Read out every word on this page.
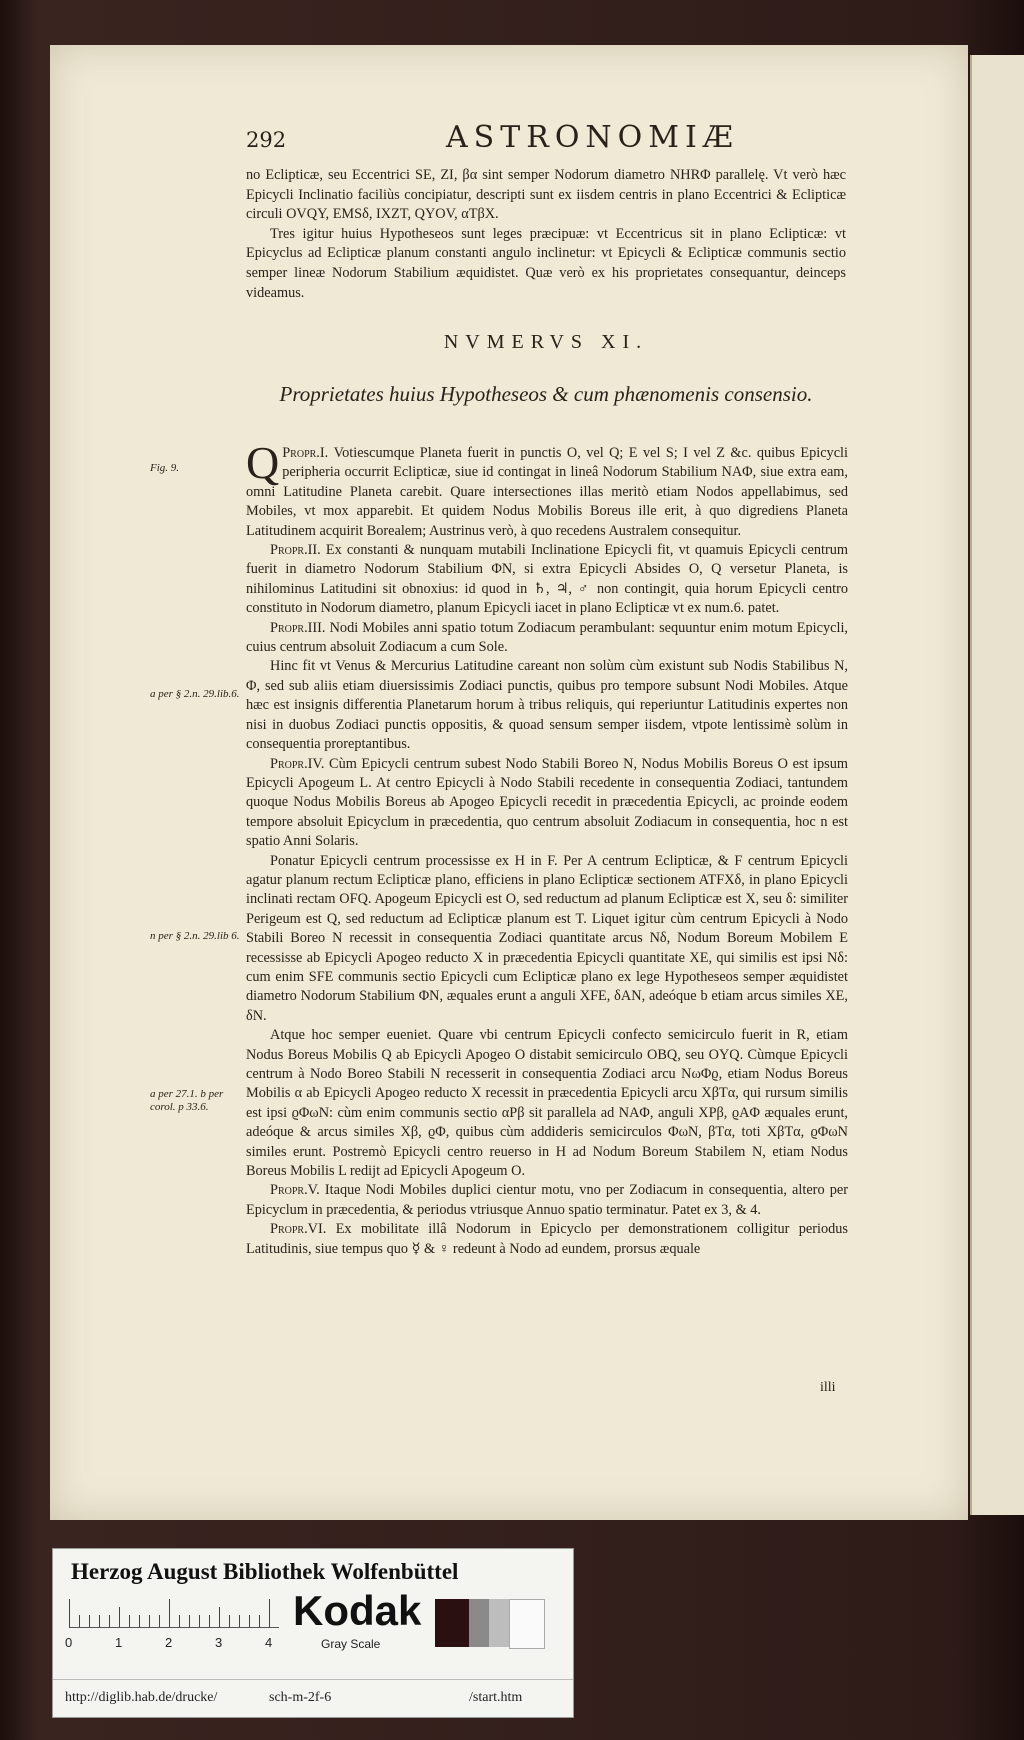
292	ASTRONOMIÆ

no Eclipticæ, seu Eccentrici SE, ZI, βα sint semper Nodorum diametro NHRΦ parallelę. Vt verò hæc Epicycli Inclinatio faciliùs concipiatur, descripti sunt ex iisdem centris in plano Eccentrici & Eclipticæ circuli OVQY, EMSδ, IXZT, QYOV, αTβX.

Tres igitur huius Hypotheseos sunt leges præcipuæ: vt Eccentricus sit in plano Eclipticæ: vt Epicyclus ad Eclipticæ planum constanti angulo inclinetur: vt Epicycli & Eclipticæ communis sectio semper lineæ Nodorum Stabilium æquidistet. Quæ verò ex his proprietates consequantur, deinceps videamus.

NVMERVS XI.
Proprietates huius Hypotheseos & cum phænomenis consensio.

Propr.I.
Q	Votiescumque Planeta fuerit in punctis O, vel Q; E vel S; I vel Z &c. quibus Epicycli peripheria occurrit Eclipticæ, siue id contingat in lineâ Nodorum Stabilium NAΦ, siue extra eam, omni Latitudine Planeta carebit. Quare intersectiones illas meritò etiam Nodos appellabimus, sed Mobiles, vt mox apparebit. Et quidem Nodus Mobilis Boreus ille erit, à quo digrediens Planeta Latitudinem acquirit Borealem; Austrinus verò, à quo recedens Australem consequitur.

Propr.II. Ex constanti & nunquam mutabili Inclinatione Epicycli fit, vt quamuis Epicycli centrum fuerit in diametro Nodorum Stabilium ΦN, si extra Epicycli Absides O, Q versetur Planeta, is nihilominus Latitudini sit obnoxius: id quod in ♄, ♃, ♂ non contingit, quia horum Epicycli centro constituto in Nodorum diametro, planum Epicycli iacet in plano Eclipticæ vt ex num.6. patet.

Propr.III. Nodi Mobiles anni spatio totum Zodiacum perambulant: sequuntur enim motum Epicycli, cuius centrum absoluit Zodiacum a cum Sole.

Hinc fit vt Venus & Mercurius Latitudine careant non solùm cùm existunt sub Nodis Stabilibus N, Φ, sed sub aliis etiam diuersissimis Zodiaci punctis, quibus pro tempore subsunt Nodi Mobiles. Atque hæc est insignis differentia Planetarum horum à tribus reliquis, qui reperiuntur Latitudinis expertes non nisi in duobus Zodiaci punctis oppositis, & quoad sensum semper iisdem, vtpote lentissimè solùm in consequentia proreptantibus.

Propr.IV. Cùm Epicycli centrum subest Nodo Stabili Boreo N, Nodus Mobilis Boreus O est ipsum Epicycli Apogeum L. At centro Epicycli à Nodo Stabili recedente in consequentia Zodiaci, tantundem quoque Nodus Mobilis Boreus ab Apogeo Epicycli recedit in præcedentia Epicycli, ac proinde eodem tempore absoluit Epicyclum in præcedentia, quo centrum absoluit Zodiacum in consequentia, hoc n est spatio Anni Solaris.

Ponatur Epicycli centrum processisse ex H in F. Per A centrum Eclipticæ, & F centrum Epicycli agatur planum rectum Eclipticæ plano, efficiens in plano Eclipticæ sectionem ATFXδ, in plano Epicycli inclinati rectam OFQ. Apogeum Epicycli est O, sed reductum ad planum Eclipticæ est X, seu δ: similiter Perigeum est Q, sed reductum ad Eclipticæ planum est T. Liquet igitur cùm centrum Epicycli à Nodo Stabili Boreo N recessit in consequentia Zodiaci quantitate arcus Nδ, Nodum Boreum Mobilem E recessisse ab Epicycli Apogeo reducto X in præcedentia Epicycli quantitate XE, qui similis est ipsi Nδ: cum enim SFE communis sectio Epicycli cum Eclipticæ plano ex lege Hypotheseos semper æquidistet diametro Nodorum Stabilium ΦN, æquales erunt a anguli XFE, δAN, adeóque b etiam arcus similes XE, δN.

Atque hoc semper eueniet. Quare vbi centrum Epicycli confecto semicirculo fuerit in R, etiam Nodus Boreus Mobilis Q ab Epicycli Apogeo O distabit semicirculo OBQ, seu OYQ. Cùmque Epicycli centrum à Nodo Boreo Stabili N recesserit in consequentia Zodiaci arcu NωΦϱ, etiam Nodus Boreus Mobilis α ab Epicycli Apogeo reducto X recessit in præcedentia Epicycli arcu XβTα, qui rursum similis est ipsi ϱΦωN: cùm enim communis sectio αPβ sit parallela ad NAΦ, anguli XPβ, ϱAΦ æquales erunt, adeóque & arcus similes Xβ, ϱΦ, quibus cùm addideris semicirculos ΦωN, βTα, toti XβTα, ϱΦωN similes erunt. Postremò Epicycli centro reuerso in H ad Nodum Boreum Stabilem N, etiam Nodus Boreus Mobilis L redijt ad Epicycli Apogeum O.

Propr.V. Itaque Nodi Mobiles duplici cientur motu, vno per Zodiacum in consequentia, altero per Epicyclum in præcedentia, & periodus vtriusque Annuo spatio terminatur. Patet ex 3, & 4.

Propr.VI. Ex mobilitate illâ Nodorum in Epicyclo per demonstrationem colligitur periodus Latitudinis, siue tempus quo ☿ & ♀ redeunt à Nodo ad eundem, prorsus æquale

Fig. 9.
a per § 2.n. 29.lib.6.
n per § 2.n. 29.lib 6.
a per 27.1. b per corol. p 33.6.
illi
Herzog August Bibliothek Wolfenbüttel
0	1	2	3	4
Kodak
Gray Scale
http://diglib.hab.de/drucke/	sch-m-2f-6	/start.htm
